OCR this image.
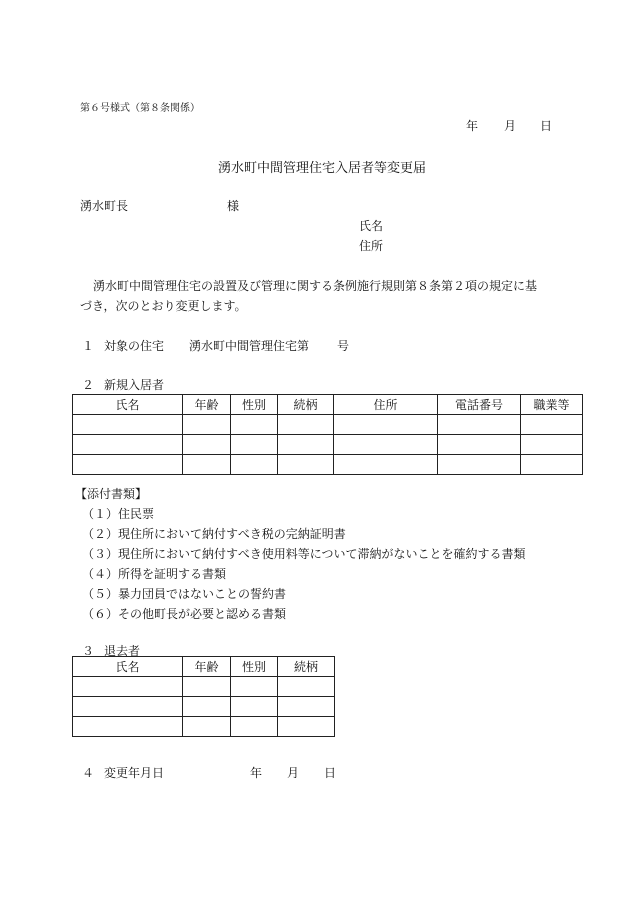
第６号様式（第８条関係）
年 月 日
湧水町中間管理住宅入居者等変更届
湧水町長	様
氏名
住所
湧水町中間管理住宅の設置及び管理に関する条例施行規則第８条第２項の規定に基
づき，次のとおり変更します。
１ 対象の住宅 湧水町中間管理住宅第 号
２ 新規入居者
氏名	年齢	性別	続柄	住所	電話番号	職業等

【添付書類】
（１）住民票
（２）現住所において納付すべき税の完納証明書
（３）現住所において納付すべき使用料等について滞納がないことを確約する書類
（４）所得を証明する書類
（５）暴力団員ではないことの誓約書
（６）その他町長が必要と認める書類
３ 退去者
氏名	年齢	性別	続柄

４ 変更年月日	年 月 日
